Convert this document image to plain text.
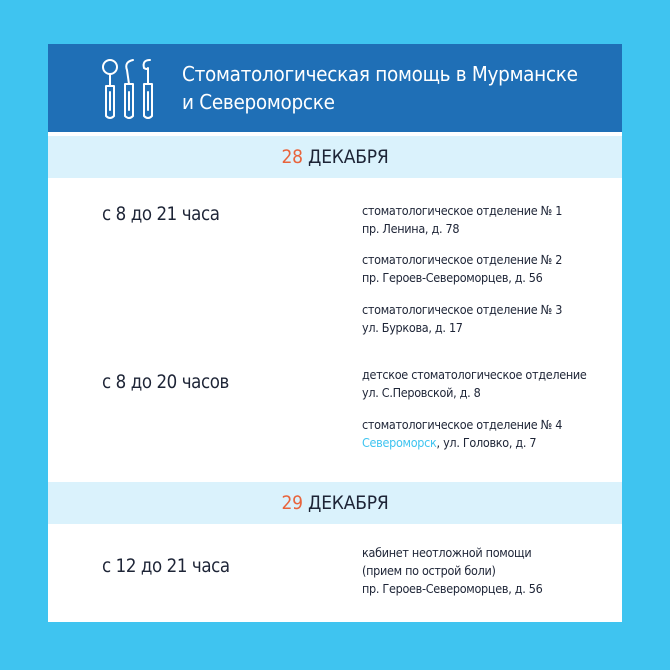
Стоматологическая помощь в Мурманске
и Североморске
28 ДЕКАБРЯ
с 8 до 21 часа	стоматологическое отделение № 1
пр. Ленина, д. 78
стоматологическое отделение № 2
пр. Героев-Североморцев, д. 56
стоматологическое отделение № 3
ул. Буркова, д. 17
с 8 до 20 часов	детское стоматологическое отделение
ул. С.Перовской, д. 8
стоматологическое отделение № 4
Североморск, ул. Головко, д. 7
29 ДЕКАБРЯ
с 12 до 21 часа
кабинет неотложной помощи
(прием по острой боли)
пр. Героев-Североморцев, д. 56
